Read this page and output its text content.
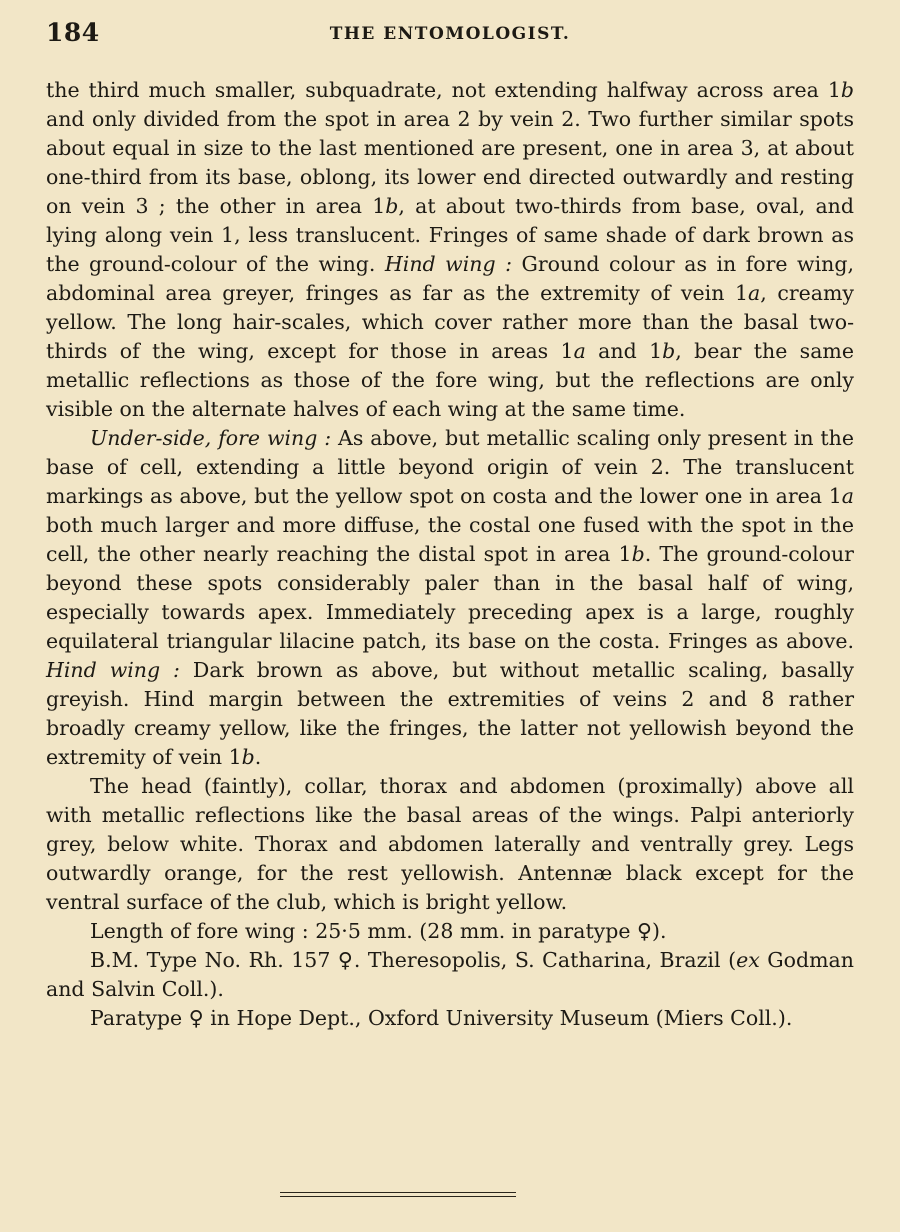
184	THE ENTOMOLOGIST.

the third much smaller, subquadrate, not extending halfway across area 1b and only divided from the spot in area 2 by vein 2. Two further similar spots about equal in size to the last mentioned are present, one in area 3, at about one-third from its base, oblong, its lower end directed outwardly and resting on vein 3 ; the other in area 1b, at about two-thirds from base, oval, and lying along vein 1, less translucent. Fringes of same shade of dark brown as the ground-colour of the wing. Hind wing : Ground colour as in fore wing, abdominal area greyer, fringes as far as the extremity of vein 1a, creamy yellow. The long hair-scales, which cover rather more than the basal two-thirds of the wing, except for those in areas 1a and 1b, bear the same metallic reflections as those of the fore wing, but the reflections are only visible on the alternate halves of each wing at the same time.

Under-side, fore wing : As above, but metallic scaling only present in the base of cell, extending a little beyond origin of vein 2. The translucent markings as above, but the yellow spot on costa and the lower one in area 1a both much larger and more diffuse, the costal one fused with the spot in the cell, the other nearly reaching the distal spot in area 1b. The ground-colour beyond these spots considerably paler than in the basal half of wing, especially towards apex. Immediately preceding apex is a large, roughly equilateral triangular lilacine patch, its base on the costa. Fringes as above. Hind wing : Dark brown as above, but without metallic scaling, basally greyish. Hind margin between the extremities of veins 2 and 8 rather broadly creamy yellow, like the fringes, the latter not yellowish beyond the extremity of vein 1b.

The head (faintly), collar, thorax and abdomen (proximally) above all with metallic reflections like the basal areas of the wings. Palpi anteriorly grey, below white. Thorax and abdomen laterally and ventrally grey. Legs outwardly orange, for the rest yellowish. Antennæ black except for the ventral surface of the club, which is bright yellow.

Length of fore wing : 25·5 mm. (28 mm. in paratype ♀).

B.M. Type No. Rh. 157 ♀. Theresopolis, S. Catharina, Brazil (ex Godman and Salvin Coll.).

Paratype ♀ in Hope Dept., Oxford University Museum (Miers Coll.).
